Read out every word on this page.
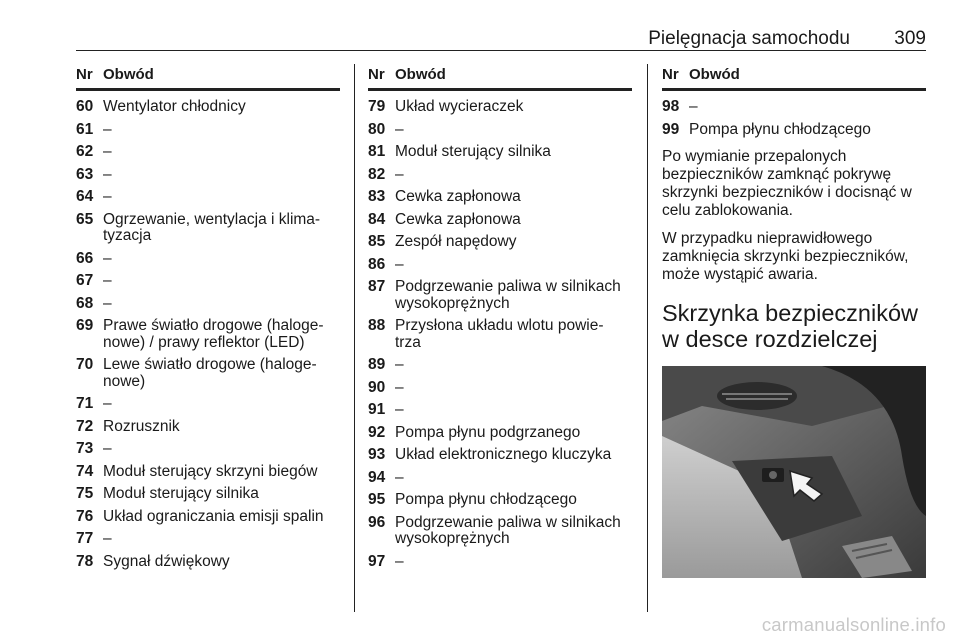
Pielęgnacja samochodu 309
Nr Obwód
60 Wentylator chłodnicy
61 –
62 –
63 –
64 –
65 Ogrzewanie, wentylacja i klima-
tyzacja
66 –
67 –
68 –
69 Prawe światło drogowe (haloge-
nowe) / prawy reflektor (LED)
70 Lewe światło drogowe (haloge-
nowe)
71 –
72 Rozrusznik
73 –
74 Moduł sterujący skrzyni biegów
75 Moduł sterujący silnika
76 Układ ograniczania emisji spalin
77 –
78 Sygnał dźwiękowy
Nr Obwód
79 Układ wycieraczek
80 –
81 Moduł sterujący silnika
82 –
83 Cewka zapłonowa
84 Cewka zapłonowa
85 Zespół napędowy
86 –
87 Podgrzewanie paliwa w silnikach
wysokoprężnych
88 Przysłona układu wlotu powie-
trza
89 –
90 –
91 –
92 Pompa płynu podgrzanego
93 Układ elektronicznego kluczyka
94 –
95 Pompa płynu chłodzącego
96 Podgrzewanie paliwa w silnikach
wysokoprężnych
97 –
Nr Obwód
98 –
99 Pompa płynu chłodzącego
Po wymianie przepalonych bezpieczników zamknąć pokrywę skrzynki bezpieczników i docisnąć w celu zablokowania.
W przypadku nieprawidłowego zamknięcia skrzynki bezpieczników, może wystąpić awaria.
Skrzynka bezpieczników w desce rozdzielczej
carmanualsonline.info
